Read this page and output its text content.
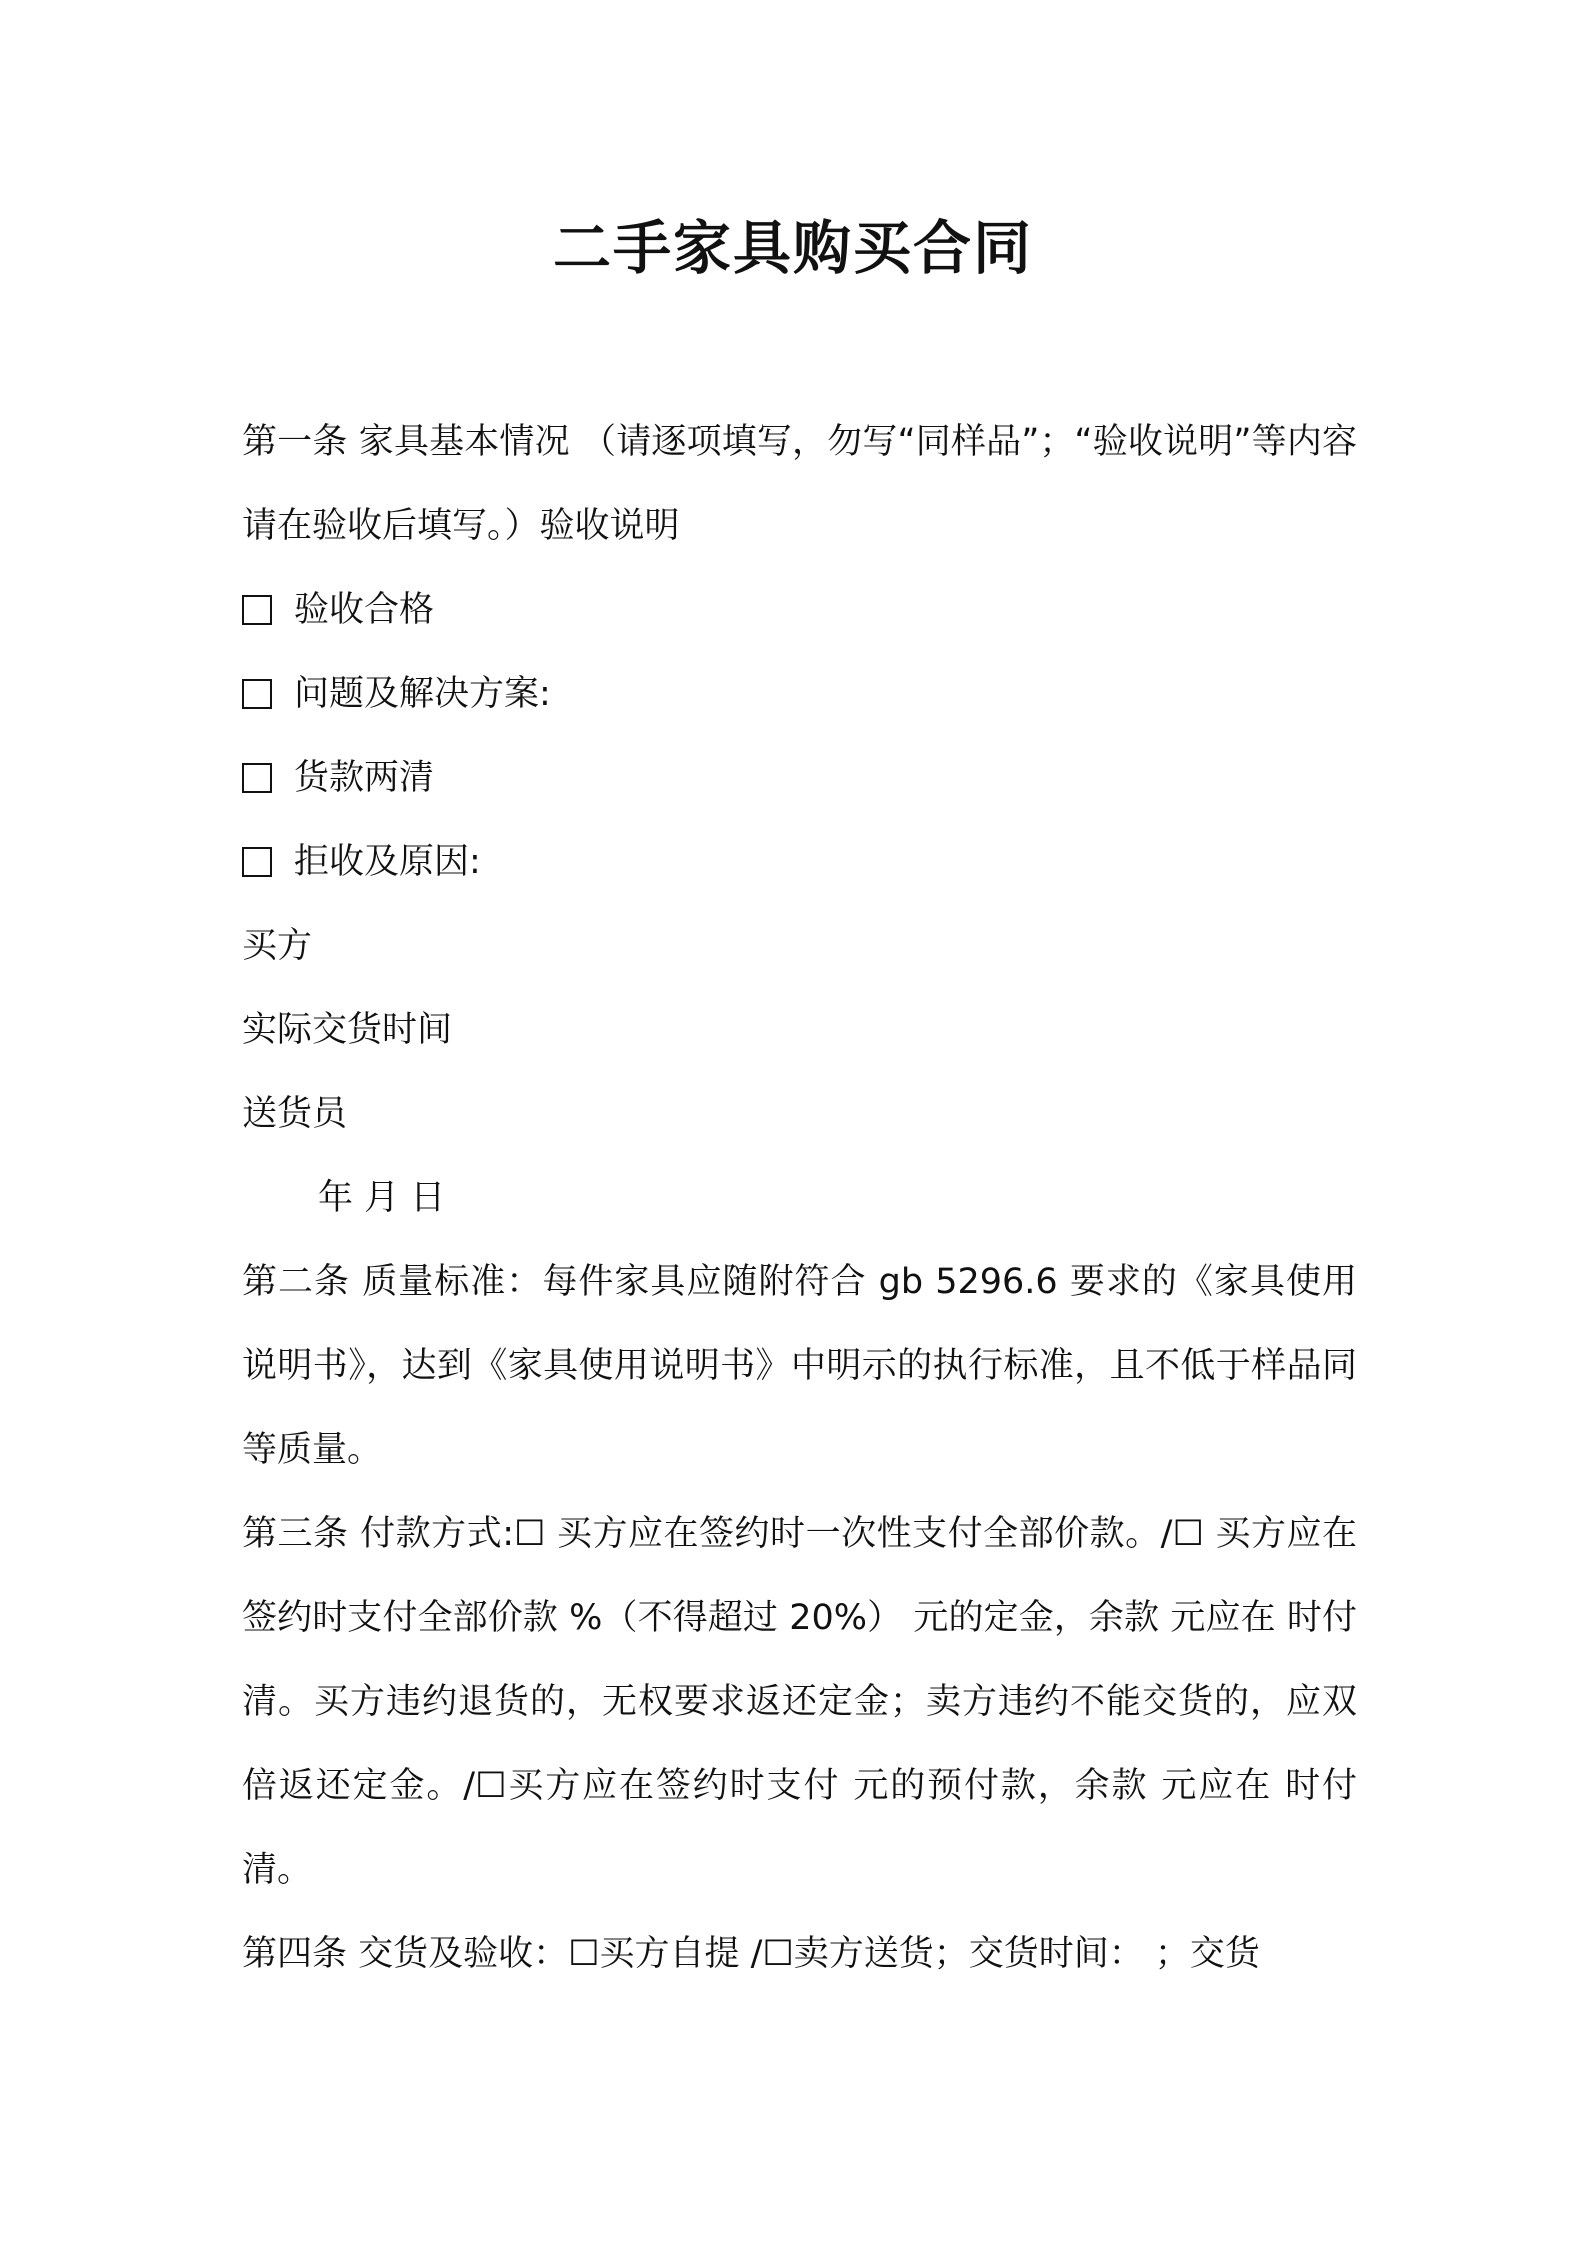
二手家具购买合同

第一条 家具基本情况 （请逐项填写，勿写“同样品”；“验收说明”等内容请在验收后填写。）验收说明

验收合格

问题及解决方案:

货款两清

拒收及原因:

买方

实际交货时间

送货员

年 月 日

第二条 质量标准：每件家具应随附符合 gb 5296.6 要求的《家具使用说明书》，达到《家具使用说明书》中明示的执行标准，且不低于样品同等质量。

第三条 付款方式:☐ 买方应在签约时一次性支付全部价款。/☐ 买方应在签约时支付全部价款 %（不得超过 20%） 元的定金，余款 元应在 时付清。买方违约退货的，无权要求返还定金；卖方违约不能交货的，应双倍返还定金。/☐买方应在签约时支付 元的预付款，余款 元应在 时付清。

第四条 交货及验收：☐买方自提 /☐卖方送货；交货时间： ；交货
